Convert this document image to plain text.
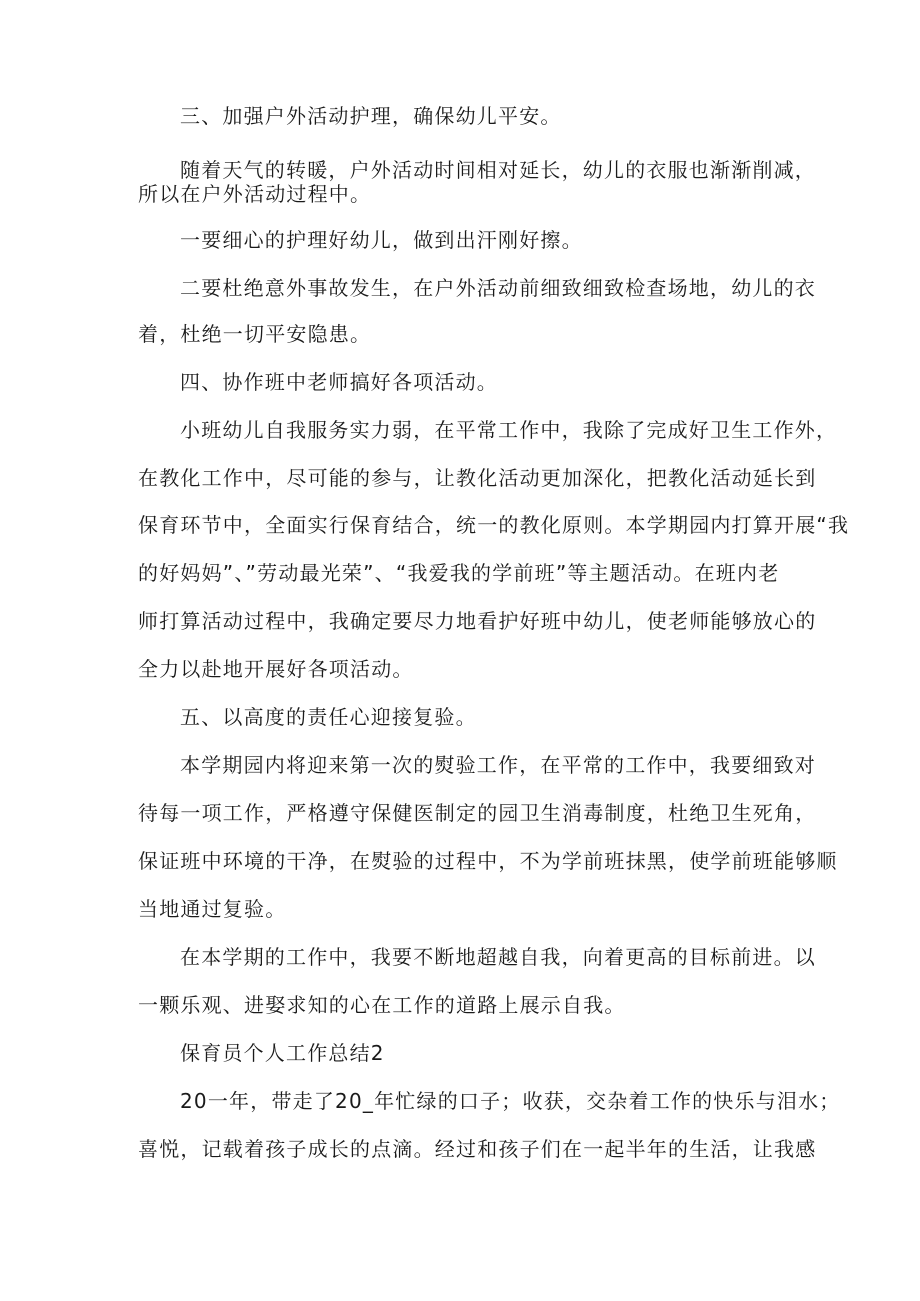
三、加强户外活动护理，确保幼儿平安。
随着天气的转暖，户外活动时间相对延长，幼儿的衣服也渐渐削减，
所以在户外活动过程中。
一要细心的护理好幼儿，做到出汗刚好擦。
二要杜绝意外事故发生，在户外活动前细致细致检查场地，幼儿的衣
着，杜绝一切平安隐患。
四、协作班中老师搞好各项活动。
小班幼儿自我服务实力弱，在平常工作中，我除了完成好卫生工作外，
在教化工作中，尽可能的参与，让教化活动更加深化，把教化活动延长到
保育环节中，全面实行保育结合，统一的教化原则。本学期园内打算开展“我
的好妈妈”、”劳动最光荣”、“我爱我的学前班”等主题活动。在班内老
师打算活动过程中，我确定要尽力地看护好班中幼儿，使老师能够放心的
全力以赴地开展好各项活动。
五、以高度的责任心迎接复验。
本学期园内将迎来第一次的熨验工作，在平常的工作中，我要细致对
待每一项工作，严格遵守保健医制定的园卫生消毒制度，杜绝卫生死角，
保证班中环境的干净，在熨验的过程中，不为学前班抹黑，使学前班能够顺
当地通过复验。
在本学期的工作中，我要不断地超越自我，向着更高的目标前进。以
一颗乐观、进娶求知的心在工作的道路上展示自我。
保育员个人工作总结2
20一年，带走了20_年忙绿的口子；收获，交杂着工作的快乐与泪水；
喜悦，记载着孩子成长的点滴。经过和孩子们在一起半年的生活，让我感
